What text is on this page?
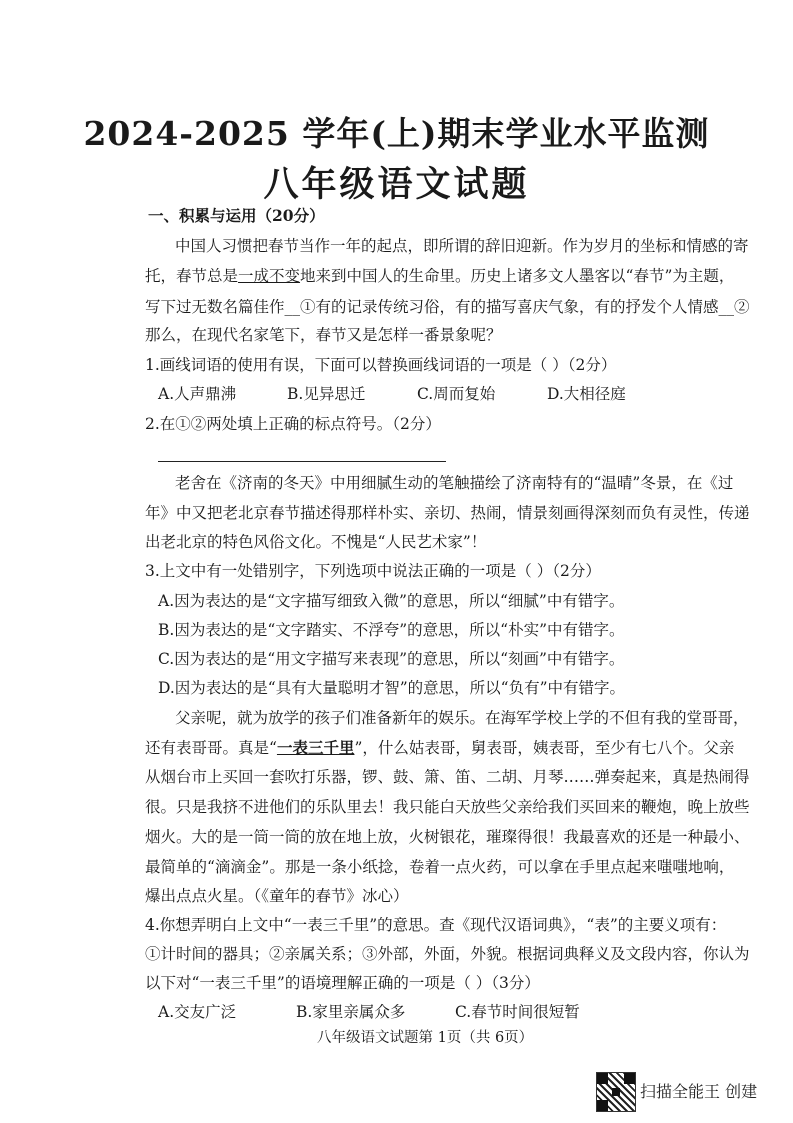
2024-2025 学年(上)期末学业水平监测
八年级语文试题
一、积累与运用（20分）
中国人习惯把春节当作一年的起点，即所谓的辞旧迎新。作为岁月的坐标和情感的寄
托，春节总是一成不变地来到中国人的生命里。历史上诸多文人墨客以“春节”为主题，
写下过无数名篇佳作__①有的记录传统习俗，有的描写喜庆气象，有的抒发个人情感__②
那么，在现代名家笔下，春节又是怎样一番景象呢？
1.画线词语的使用有误，下面可以替换画线词语的一项是（ ）（2分）
A.人声鼎沸	B.见异思迁	C.周而复始	D.大相径庭
2.在①②两处填上正确的标点符号。（2分）
老舍在《济南的冬天》中用细腻生动的笔触描绘了济南特有的“温晴”冬景，在《过
年》中又把老北京春节描述得那样朴实、亲切、热闹，情景刻画得深刻而负有灵性，传递
出老北京的特色风俗文化。不愧是“人民艺术家”！
3.上文中有一处错别字，下列选项中说法正确的一项是（ ）（2分）
A.因为表达的是“文字描写细致入微”的意思，所以“细腻”中有错字。
B.因为表达的是“文字踏实、不浮夸”的意思，所以“朴实”中有错字。
C.因为表达的是“用文字描写来表现”的意思，所以“刻画”中有错字。
D.因为表达的是“具有大量聪明才智”的意思，所以“负有”中有错字。
父亲呢，就为放学的孩子们准备新年的娱乐。在海军学校上学的不但有我的堂哥哥，
还有表哥哥。真是“一表三千里”，什么姑表哥，舅表哥，姨表哥，至少有七八个。父亲
从烟台市上买回一套吹打乐器，锣、鼓、箫、笛、二胡、月琴……弹奏起来，真是热闹得
很。只是我挤不进他们的乐队里去！我只能白天放些父亲给我们买回来的鞭炮，晚上放些
烟火。大的是一筒一筒的放在地上放，火树银花，璀璨得很！我最喜欢的还是一种最小、
最简单的“滴滴金”。那是一条小纸捻，卷着一点火药，可以拿在手里点起来嗤嗤地响，
爆出点点火星。（《童年的春节》冰心）
4.你想弄明白上文中“一表三千里”的意思。查《现代汉语词典》，“表”的主要义项有：
①计时间的器具；②亲属关系；③外部，外面，外貌。根据词典释义及文段内容，你认为
以下对“一表三千里”的语境理解正确的一项是（ ）（3分）
A.交友广泛	B.家里亲属众多	C.春节时间很短暂
八年级语文试题第 1页（共 6页）
扫描全能王 创建
